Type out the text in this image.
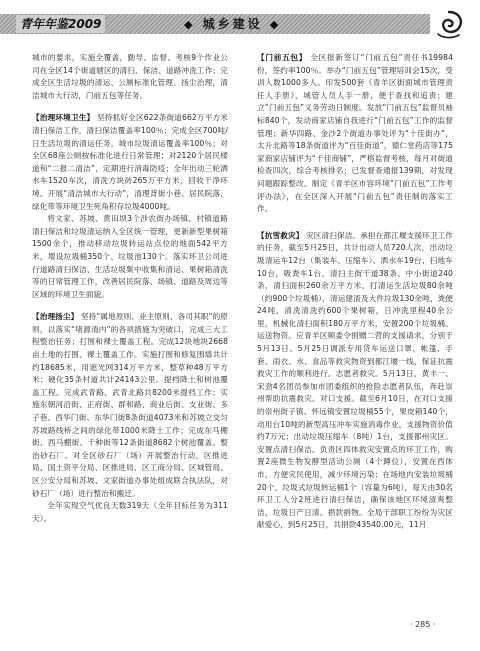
青年年鉴2009	◆ 城乡建设 ◆

城市的要求，实施全覆盖，勤导、监督、考核9个作业公司在全区14个街道辖区的清扫、保洁、道路冲洗工作；完成全区生活垃圾的清运、公厕标准化管理、扬尘治理，清洁城市大行动，门前五包等任务。

【治理环境卫生】 坚持抓好全区622条街道662万平方米清扫保洁工作，清扫保洁覆盖率100％；完成全区700吨/日生活垃圾的清运任务，城市垃圾清运覆盖率100％；对全区68座公厕按标准化进行日常管理；对2120个居民楼道和“二报二清洁”，定期进行消毒防疫；全年出动三轮洒水车1520车次，清洗方块砖265万平方米，回收干净环境。开展“清洁城市大行动”，清理背街小巷、居民院落、绿化带等环境卫生死角积存垃圾4000吨。

将文家、苏坡、黄田坝3个涉农街办场镇、村镇道路清扫保洁和垃圾清运纳入全区统一管理，更新新型果树箱1500余个，推动移动垃圾转运站点位的地面542平方米，增设垃圾桶350个、垃圾池130个。落实环卫公司进行道路清扫保洁、生活垃圾集中收集和清运、果树箱清洗等的日常管理工作，改善居民院落、场镇、道路及周边等区域的环境卫生面貌。

【治理扬尘】 坚持“属地原则、业主原则、各司其职”的原则，以落实“堵源清内”的各项措施为突破口，完成三大工程整治任务；打围和裸土覆盖工程。完成12块地块2668亩土地的打围、裸土覆盖工作。实施打围和修复围墙共计约18685米，用遮光网314万平方米，整草种48万平方米；硬化35条村道共计24143公里。提档降土和树池覆盖工程。完成武青路、武青北路共8200米提档工作；实施东朝河沿街、正府街、群和路、商业后街、支业街、多子巷、西华门街、东华门街8条街道4073米和苏坡立交匀苏坡路线桥之间的绿化带1000米降土工作；完成东马棚街、西马棚街、千种街等12条街道8682个树池覆盖。整治砂石厂。对全区砂石厂（场）开展整治行动，区推进局、国土资平分局、区推进局、区工商分局、区城管局、区公安分局和苏坡、文家街道办事处组成联合执法队，对砂石厂（场）进行整治和搬迁。

全年实现空气优良天数319天（全年目标任务为311天）。

【门前五包】 全区报新签订“门前五包”责任书19984份，签约率100％。举办“门前五包”管理培训会15次，受训人数1000多人。印发500套《青羊区街面城市管理责任人手册》，城管人员人手一册，便于查找和追责；建立“门前五包”义务劳动日制度。发放“门前五包”监督员袖标840个，发动商家店铺自我进行“门前五包”工作的监督管理；新华四路、金沙2个街道办事处评为“十佳街办”，太升北路等18条街道评为“百佳街道”，德仁堂药店等175家商家店铺评为“千佳商铺”，严格监督考核，每月对街道检查四次，综合考核排名；已发督查通报139期，对发现问题跟踪整改。制定《青羊区市容环境“门前五包”工作考评办法》，在全区深入开展“门前五包”责任制的落实工作。

【抗雪救灾】 灾区清扫保洁。承担在都江堰支援环卫工作的任务，截至5月25日，共计出动人员720人次，出动垃圾清运车12台（集装车、压缩车）、洒水车19台、扫地车10台，吸粪车1台，清扫主街干道38条、中小街道240条，清扫面积260余万平方米，打清运生活垃圾80余吨（约900个垃圾桶），清运建渣及大件垃圾130余吨、粪便24吨，清洗清洗约600个果树箱，日冲洗里程40余公里，机械化清扫面积180万平方米，安置200个垃圾桶。运送物资。应青羊区频委令捐赠二营的支援请求，分别于5月13日、5月25日调派专用货车运送口罩、帐篷、手套、雨衣、水、食品等救灾物资到都江堰一线，保证抗震救灾工作的顺利进行。志愿者救灾。5月13日，黄丰一、宋劲4名团员参加市团委组织的抢险志愿者队伍，奔赴崇州帮助抗震救灾。对口支援。截至6月10日，在对口支援的崇州街子镇、怀远镇安置垃圾桶55个，果皮箱140个，动用台10吨的新型高压冲车实施消毒作业，支援物资价值约7万元；出动垃圾压缩车（8吨）1台，支援都州灾区。安置点清扫保洁。负责区四体救灾安置点的环卫工作，购置2座微生物发酵型活动公厕（4个蹲位），安置在西体市，方便灾民使用，减少环境污染；在场地内安装垃圾桶20个、垃圾式垃圾转运桶1个（容量为6吨），每天由30名环卫工人分2班进行清扫保洁，确保该地区环境清爽整洁，垃圾日产日清。捐款捐物。全局干部职工纷纷为灾区献爱心，到5月25日，共捐款43540.00元，11月

· 285 ·
